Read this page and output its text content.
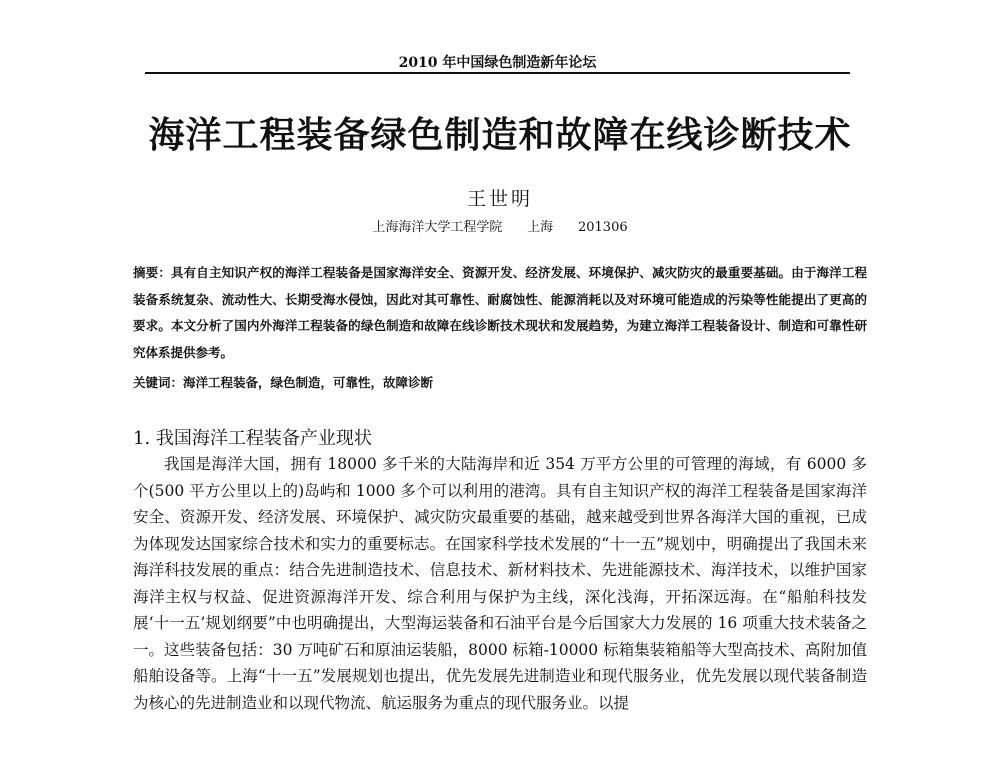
2010 年中国绿色制造新年论坛
海洋工程装备绿色制造和故障在线诊断技术
王世明
上海海洋大学工程学院      上海      201306
摘要：具有自主知识产权的海洋工程装备是国家海洋安全、资源开发、经济发展、环境保护、减灾防灾的最重要基础。由于海洋工程装备系统复杂、流动性大、长期受海水侵蚀，因此对其可靠性、耐腐蚀性、能源消耗以及对环境可能造成的污染等性能提出了更高的要求。本文分析了国内外海洋工程装备的绿色制造和故障在线诊断技术现状和发展趋势，为建立海洋工程装备设计、制造和可靠性研究体系提供参考。
关键词：海洋工程装备，绿色制造，可靠性，故障诊断
1. 我国海洋工程装备产业现状
我国是海洋大国，拥有 18000 多千米的大陆海岸和近 354 万平方公里的可管理的海域，有 6000 多个(500 平方公里以上的)岛屿和 1000 多个可以利用的港湾。具有自主知识产权的海洋工程装备是国家海洋安全、资源开发、经济发展、环境保护、减灾防灾最重要的基础，越来越受到世界各海洋大国的重视，已成为体现发达国家综合技术和实力的重要标志。在国家科学技术发展的“十一五”规划中，明确提出了我国未来海洋科技发展的重点：结合先进制造技术、信息技术、新材料技术、先进能源技术、海洋技术，以维护国家海洋主权与权益、促进资源海洋开发、综合利用与保护为主线，深化浅海，开拓深远海。在“船舶科技发展‘十一五’规划纲要”中也明确提出，大型海运装备和石油平台是今后国家大力发展的 16 项重大技术装备之一。这些装备包括：30 万吨矿石和原油运装船，8000 标箱-10000 标箱集装箱船等大型高技术、高附加值船舶设备等。上海“十一五”发展规划也提出，优先发展先进制造业和现代服务业，优先发展以现代装备制造为核心的先进制造业和以现代物流、航运服务为重点的现代服务业。以提
